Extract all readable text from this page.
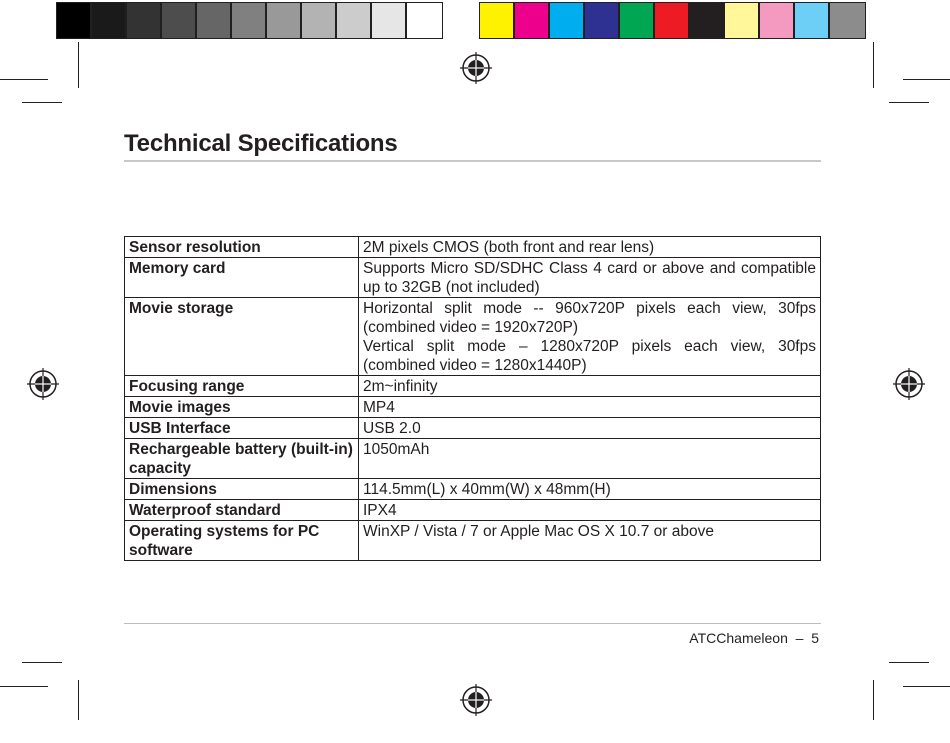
Technical Specifications
Sensor resolution	2M pixels CMOS (both front and rear lens)

Memory card	Supports Micro SD/SDHC Class 4 card or above and compatible up to 32GB (not included)

Movie storage	Horizontal split mode -- 960x720P pixels each view, 30fps (combined video = 1920x720P)
Vertical split mode – 1280x720P pixels each view, 30fps (combined video = 1280x1440P)

Focusing range	2m~infinity

Movie images	MP4

USB Interface	USB 2.0

Rechargeable battery (built-in) capacity	1050mAh

Dimensions	114.5mm(L) x 40mm(W) x 48mm(H)

Waterproof standard	IPX4

Operating systems for PC software	WinXP / Vista / 7 or Apple Mac OS X 10.7 or above
ATCChameleon  –  5
